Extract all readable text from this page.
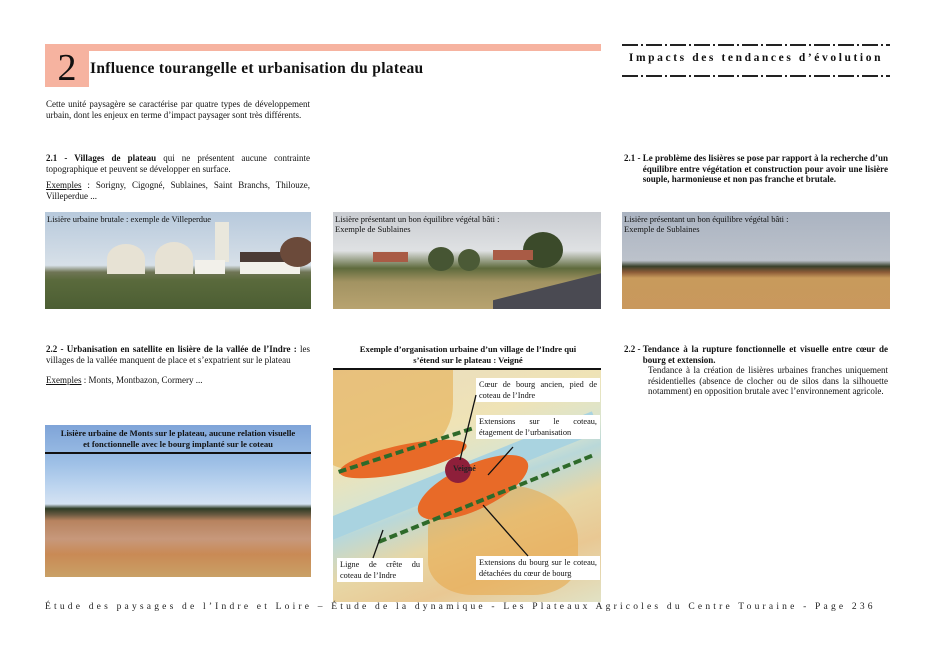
2 Influence tourangelle et urbanisation du plateau
Impacts des tendances d’évolution
Cette unité paysagère se caractérise par quatre types de développement urbain, dont les enjeux en terme d’impact paysager sont très différents.
2.1 - Villages de plateau qui ne présentent aucune contrainte topographique et peuvent se développer en surface.
Exemples : Sorigny, Cigogné, Sublaines, Saint Branchs, Thilouze, Villeperdue ...
2.1 - Le problème des lisières se pose par rapport à la recherche d’un équilibre entre végétation et construction pour avoir une lisière souple, harmonieuse et non pas franche et brutale.
Lisière urbaine brutale : exemple de Villeperdue	Lisière présentant un bon équilibre végétal bâti :
Exemple de Sublaines
Lisière présentant un bon équilibre végétal bâti :
Exemple de Sublaines
2.2 - Urbanisation en satellite en lisière de la vallée de l’Indre : les villages de la vallée manquent de place et s’expatrient sur le plateau
Exemples : Monts, Montbazon, Cormery ...
Lisière urbaine de Monts sur le plateau, aucune relation visuelle
et fonctionnelle avec le bourg implanté sur le coteau
Exemple d’organisation urbaine d’un village de l’Indre qui
s’étend sur le plateau : Veigné
Veigné
Cœur de bourg ancien, pied de coteau de l’Indre
Extensions sur le coteau, étagement de l’urbanisation
Ligne de crête du coteau de l’Indre
Extensions du bourg sur le coteau, détachées du cœur de bourg
2.2 - Tendance à la rupture fonctionnelle et visuelle entre cœur de bourg et extension.
Tendance à la création de lisières urbaines franches uniquement résidentielles (absence de clocher ou de silos dans la silhouette notamment) en opposition brutale avec l’environnement agricole.
Étude des paysages de l’Indre et Loire – Étude de la dynamique - Les Plateaux Agricoles du Centre Touraine - Page 236
